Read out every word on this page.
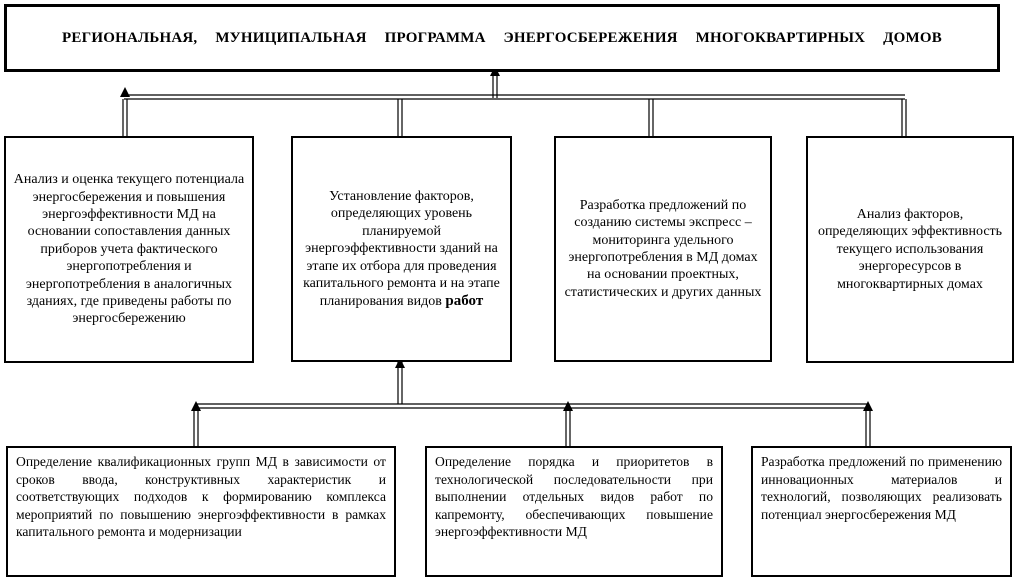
РЕГИОНАЛЬНАЯ, МУНИЦИПАЛЬНАЯ ПРОГРАММА ЭНЕРГОСБЕРЕЖЕНИЯ МНОГОКВАРТИРНЫХ ДОМОВ
Анализ и оценка текущего потенциала энергосбережения и повышения энергоэффективности МД на основании сопоставления данных приборов учета фактического энергопотребления и энергопотребления в аналогичных зданиях, где приведены работы по энергосбережению
Установление факторов, определяющих уровень планируемой энергоэффективности зданий на этапе их отбора для проведения капитального ремонта и на этапе планирования видов работ
Разработка предложений по созданию системы экспресс – мониторинга удельного энергопотребления в МД домах на основании проектных, статистических и других данных
Анализ факторов, определяющих эффективность текущего использования энергоресурсов в многоквартирных домах
Определение квалификационных групп МД в зависимости от сроков ввода, конструктивных характеристик и соответствующих подходов к формированию комплекса мероприятий по повышению энергоэффективности в рамках капитального ремонта и модернизации
Определение порядка и приоритетов в технологической последовательности при выполнении отдельных видов работ по капремонту, обеспечивающих повышение энергоэффективности МД
Разработка предложений по применению инновационных материалов и технологий, позволяющих реализовать потенциал энергосбережения МД
